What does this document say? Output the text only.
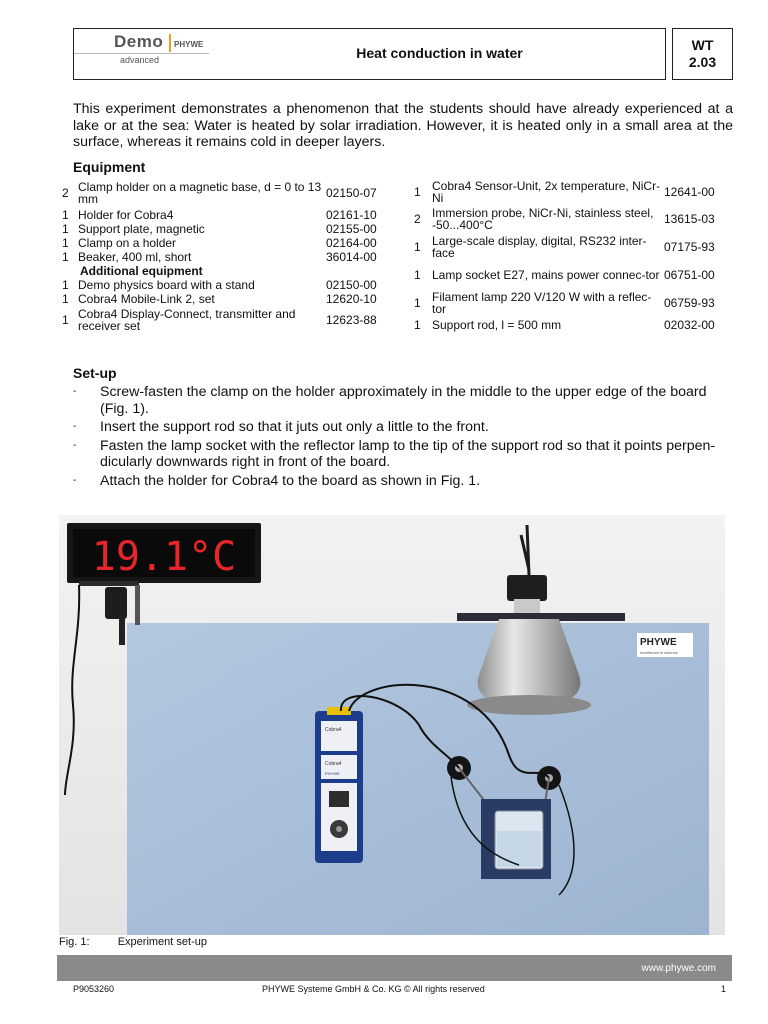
Demo PHYWE
advanced	Heat conduction in water	WT
2.03
This experiment demonstrates a phenomenon that the students should have already experienced at a lake or at the sea: Water is heated by solar irradiation. However, it is heated only in a small area at the surface, whereas it remains cold in deeper layers.
Equipment
2 Clamp holder on a magnetic base, d = 0 to 13 mm	02150-07
1 Holder for Cobra4	02161-10
1 Support plate, magnetic	02155-00
1 Clamp on a holder	02164-00
1 Beaker, 400 ml, short	36014-00
Additional equipment
1 Demo physics board with a stand	02150-00
1 Cobra4 Mobile-Link 2, set	12620-10
1 Cobra4 Display-Connect, transmitter and receiver set	12623-88
1 Cobra4 Sensor-Unit, 2x temperature, NiCr-Ni	12641-00
2 Immersion probe, NiCr-Ni, stainless steel, -50...400°C	13615-03
1 Large-scale display, digital, RS232 inter-face	07175-93
1 Lamp socket E27, mains power connec-tor 06751-00
1 Filament lamp 220 V/120 W with a reflec-tor	06759-93
1 Support rod, l = 500 mm	02032-00
Set-up
- Screw-fasten the clamp on the holder approximately in the middle to the upper edge of the board (Fig. 1).
- Insert the support rod so that it juts out only a little to the front.
- Fasten the lamp socket with the reflector lamp to the tip of the support rod so that it points perpen-dicularly downwards right in front of the board.
- Attach the holder for Cobra4 to the board as shown in Fig. 1.
PHYWE
excellence in science
19.1°C
Cobra4
Cobra4
PHYWE
Fig. 1:	Experiment set-up
www.phywe.com
P9053260	PHYWE Systeme GmbH & Co. KG © All rights reserved	1
